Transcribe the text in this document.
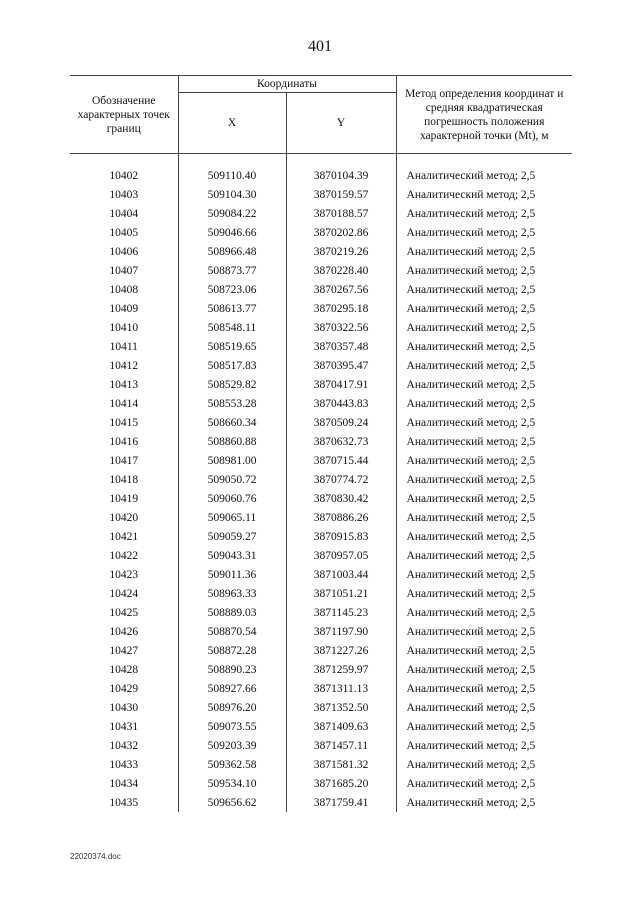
401
Обозначение характерных точек границ	Координаты		Метод определения координат и средняя квадратическая погрешность положения характерной точки (Mt), м
	X	Y	
10402	509110.40	3870104.39	Аналитический метод; 2,5
10403	509104.30	3870159.57	Аналитический метод; 2,5
10404	509084.22	3870188.57	Аналитический метод; 2,5
10405	509046.66	3870202.86	Аналитический метод; 2,5
10406	508966.48	3870219.26	Аналитический метод; 2,5
10407	508873.77	3870228.40	Аналитический метод; 2,5
10408	508723.06	3870267.56	Аналитический метод; 2,5
10409	508613.77	3870295.18	Аналитический метод; 2,5
10410	508548.11	3870322.56	Аналитический метод; 2,5
10411	508519.65	3870357.48	Аналитический метод; 2,5
10412	508517.83	3870395.47	Аналитический метод; 2,5
10413	508529.82	3870417.91	Аналитический метод; 2,5
10414	508553.28	3870443.83	Аналитический метод; 2,5
10415	508660.34	3870509.24	Аналитический метод; 2,5
10416	508860.88	3870632.73	Аналитический метод; 2,5
10417	508981.00	3870715.44	Аналитический метод; 2,5
10418	509050.72	3870774.72	Аналитический метод; 2,5
10419	509060.76	3870830.42	Аналитический метод; 2,5
10420	509065.11	3870886.26	Аналитический метод; 2,5
10421	509059.27	3870915.83	Аналитический метод; 2,5
10422	509043.31	3870957.05	Аналитический метод; 2,5
10423	509011.36	3871003.44	Аналитический метод; 2,5
10424	508963.33	3871051.21	Аналитический метод; 2,5
10425	508889.03	3871145.23	Аналитический метод; 2,5
10426	508870.54	3871197.90	Аналитический метод; 2,5
10427	508872.28	3871227.26	Аналитический метод; 2,5
10428	508890.23	3871259.97	Аналитический метод; 2,5
10429	508927.66	3871311.13	Аналитический метод; 2,5
10430	508976.20	3871352.50	Аналитический метод; 2,5
10431	509073.55	3871409.63	Аналитический метод; 2,5
10432	509203.39	3871457.11	Аналитический метод; 2,5
10433	509362.58	3871581.32	Аналитический метод; 2,5
10434	509534.10	3871685.20	Аналитический метод; 2,5
10435	509656.62	3871759.41	Аналитический метод; 2,5
22020374.doc
